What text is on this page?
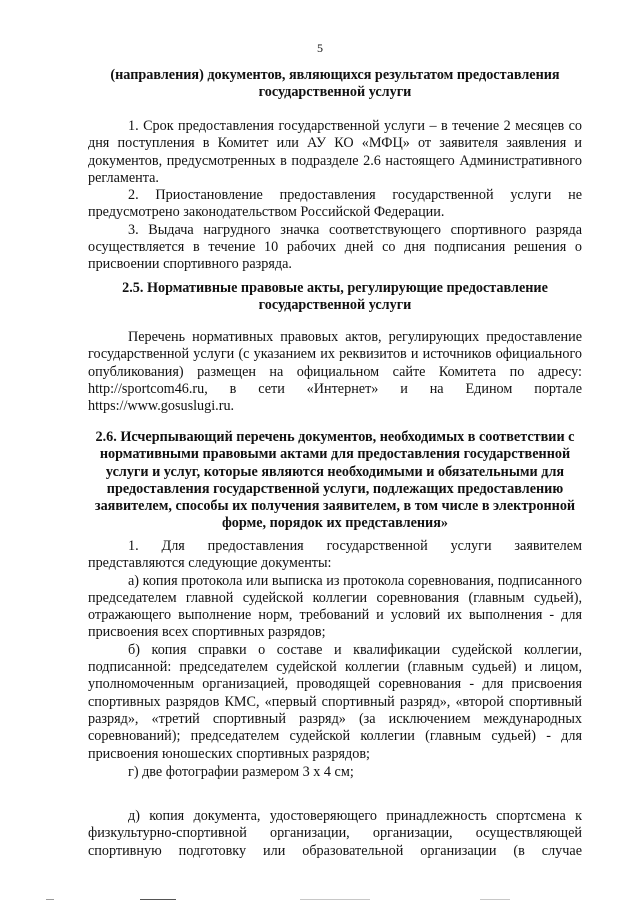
5
(направления) документов, являющихся результатом предоставления государственной услуги

1. Срок предоставления государственной услуги – в течение 2 месяцев со дня поступления в Комитет или АУ КО «МФЦ» от заявителя заявления и документов, предусмотренных в подразделе 2.6 настоящего Административного регламента.

2. Приостановление предоставления государственной услуги не предусмотрено законодательством Российской Федерации.

3. Выдача нагрудного значка соответствующего спортивного разряда осуществляется в течение 10 рабочих дней со дня подписания решения о присвоении спортивного разряда.

2.5. Нормативные правовые акты, регулирующие предоставление государственной услуги

Перечень нормативных правовых актов, регулирующих предоставление государственной услуги (с указанием их реквизитов и источников официального опубликования) размещен на официальном сайте Комитета по адресу: http://sportcom46.ru, в сети «Интернет» и на Едином портале https://www.gosuslugi.ru.

2.6. Исчерпывающий перечень документов, необходимых в соответствии с нормативными правовыми актами для предоставления государственной услуги и услуг, которые являются необходимыми и обязательными для предоставления государственной услуги, подлежащих предоставлению заявителем, способы их получения заявителем, в том числе в электронной форме, порядок их представления»

1. Для предоставления государственной услуги заявителем представляются следующие документы:

а) копия протокола или выписка из протокола соревнования, подписанного председателем главной судейской коллегии соревнования (главным судьей), отражающего выполнение норм, требований и условий их выполнения - для присвоения всех спортивных разрядов;

б) копия справки о составе и квалификации судейской коллегии, подписанной: председателем судейской коллегии (главным судьей) и лицом, уполномоченным организацией, проводящей соревнования - для присвоения спортивных разрядов КМС, «первый спортивный разряд», «второй спортивный разряд», «третий спортивный разряд» (за исключением международных соревнований); председателем судейской коллегии (главным судьей) - для присвоения юношеских спортивных разрядов;

г) две фотографии размером 3 х 4 см;

д) копия документа, удостоверяющего принадлежность спортсмена к физкультурно-спортивной организации, организации, осуществляющей спортивную подготовку или образовательной организации (в случае
